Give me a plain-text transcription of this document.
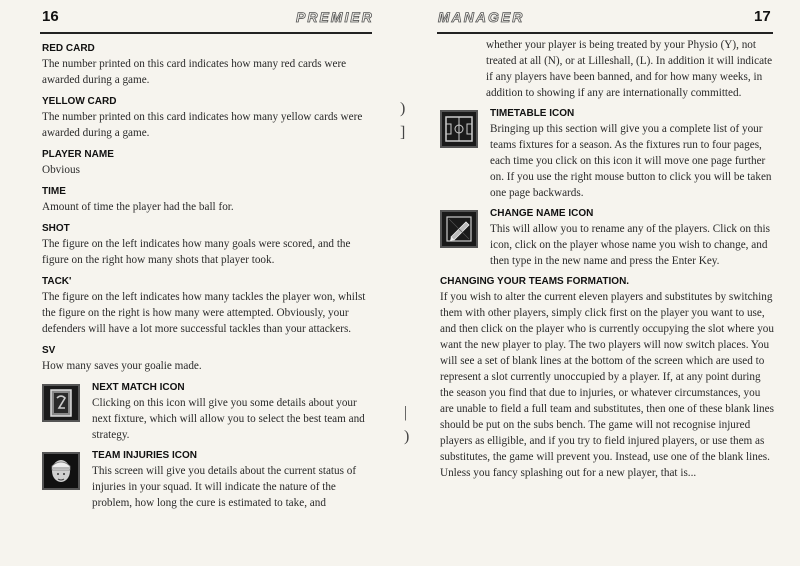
16	PREMIER	MANAGER	17
)
]
|
)

RED CARD

The number printed on this card indicates how many red cards were awarded during a game.

YELLOW CARD

The number printed on this card indicates how many yellow cards were awarded during a game.

PLAYER NAME

Obvious

TIME

Amount of time the player had the ball for.

SHOT

The figure on the left indicates how many goals were scored, and the figure on the right how many shots that player took.

TACK'

The figure on the left indicates how many tackles the player won, whilst the figure on the right is how many were attempted. Obviously, your defenders will have a lot more successful tackles than your attackers.

SV

How many saves your goalie made.

NEXT MATCH ICON

Clicking on this icon will give you some details about your next fixture, which will allow you to select the best team and strategy.

TEAM INJURIES ICON

This screen will give you details about the current status of injuries in your squad. It will indicate the nature of the problem, how long the cure is estimated to take, and

whether your player is being treated by your Physio (Y), not treated at all (N), or at Lilleshall, (L). In addition it will indicate if any players have been banned, and for how many weeks, in addition to showing if any are internationally committed.

TIMETABLE ICON

Bringing up this section will give you a complete list of your teams fixtures for a season. As the fixtures run to four pages, each time you click on this icon it will move one page further on. If you use the right mouse button to click you will be taken one page backwards.

CHANGE NAME ICON

This will allow you to rename any of the players. Click on this icon, click on the player whose name you wish to change, and then type in the new name and press the Enter Key.

CHANGING YOUR TEAMS FORMATION.

If you wish to alter the current eleven players and substitutes by switching them with other players, simply click first on the player you want to use, and then click on the player who is currently occupying the slot where you want the new player to play. The two players will now switch places. You will see a set of blank lines at the bottom of the screen which are used to represent a slot currently unoccupied by a player. If, at any point during the season you find that due to injuries, or whatever circumstances, you are unable to field a full team and substitutes, then one of these blank lines should be put on the subs bench. The game will not recognise injured players as elligible, and if you try to field injured players, or use them as substitutes, the game will prevent you. Instead, use one of the blank lines. Unless you fancy splashing out for a new player, that is...
